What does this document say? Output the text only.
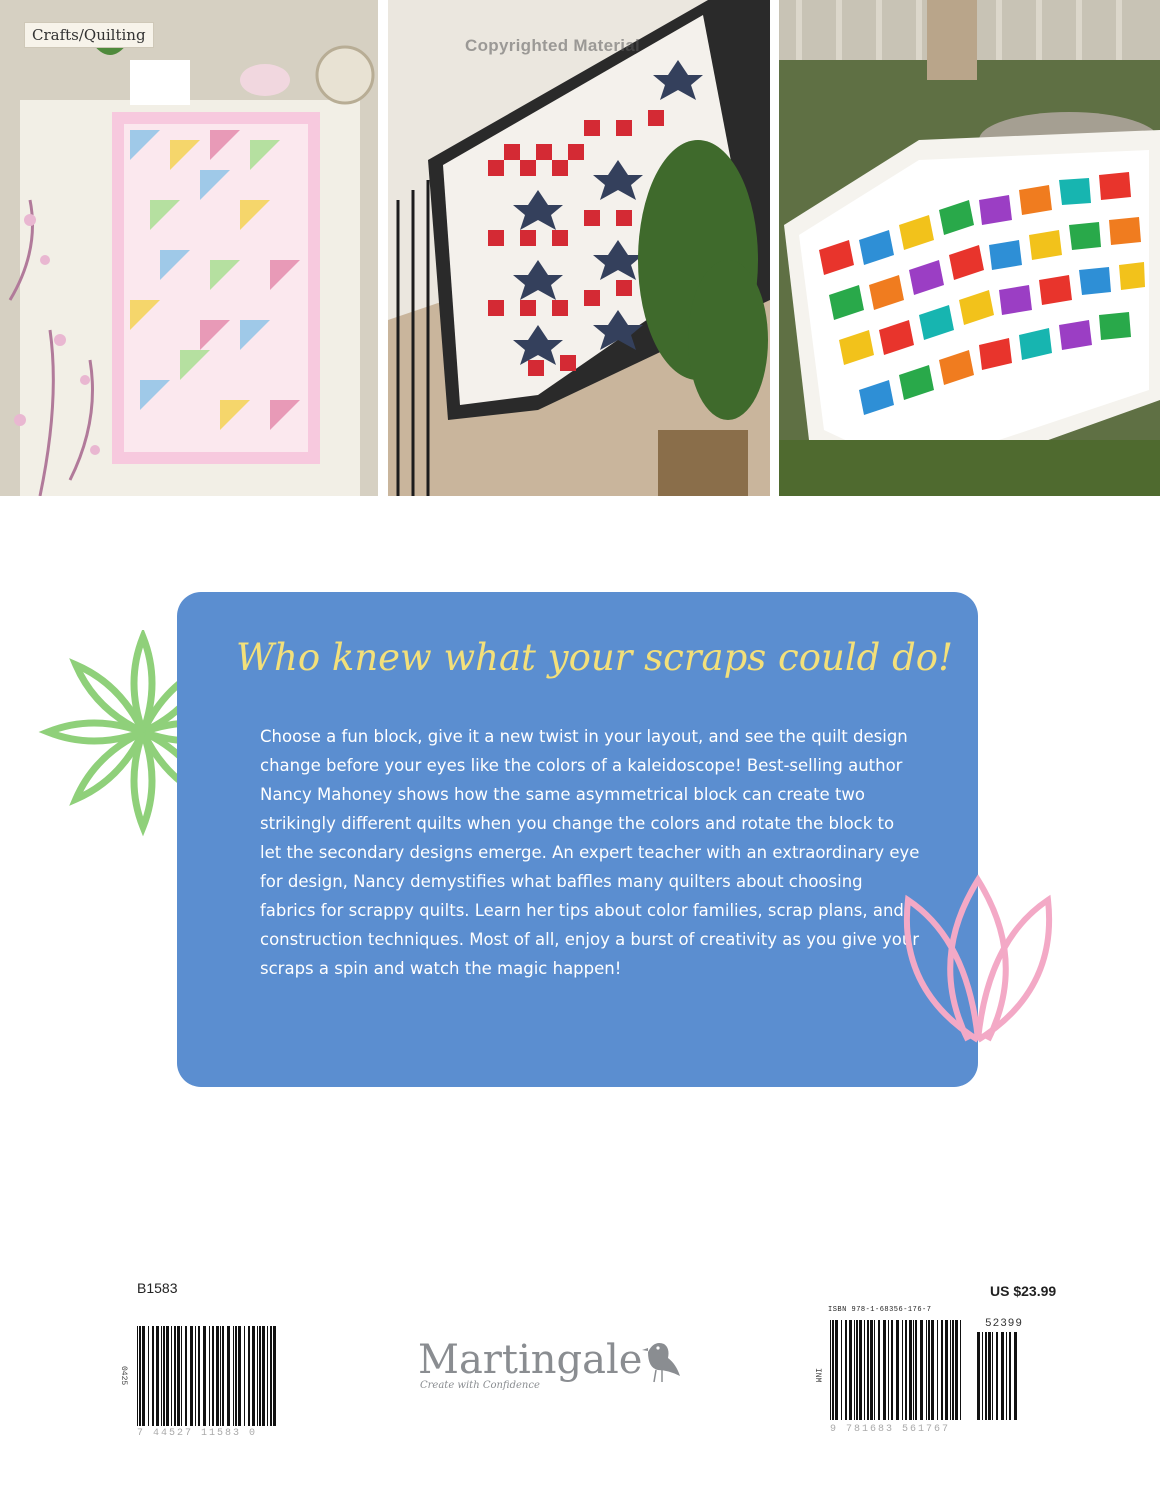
Crafts/Quilting
Copyrighted Material
Who knew what your scraps could do!
Choose a fun block, give it a new twist in your layout, and see the quilt design change before your eyes like the colors of a kaleidoscope! Best-selling author Nancy Mahoney shows how the same asymmetrical block can create two strikingly different quilts when you change the colors and rotate the block to let the secondary designs emerge. An expert teacher with an extraordinary eye for design, Nancy demystifies what baffles many quilters about choosing fabrics for scrappy quilts. Learn her tips about color families, scrap plans, and construction techniques. Most of all, enjoy a burst of creativity as you give your scraps a spin and watch the magic happen!
B1583	US $23.99
ISBN 978-1-68356-176-7
52399
7 44527 11583 0	9 781683 561767
0425	INM
Martingale
Create with Confidence
